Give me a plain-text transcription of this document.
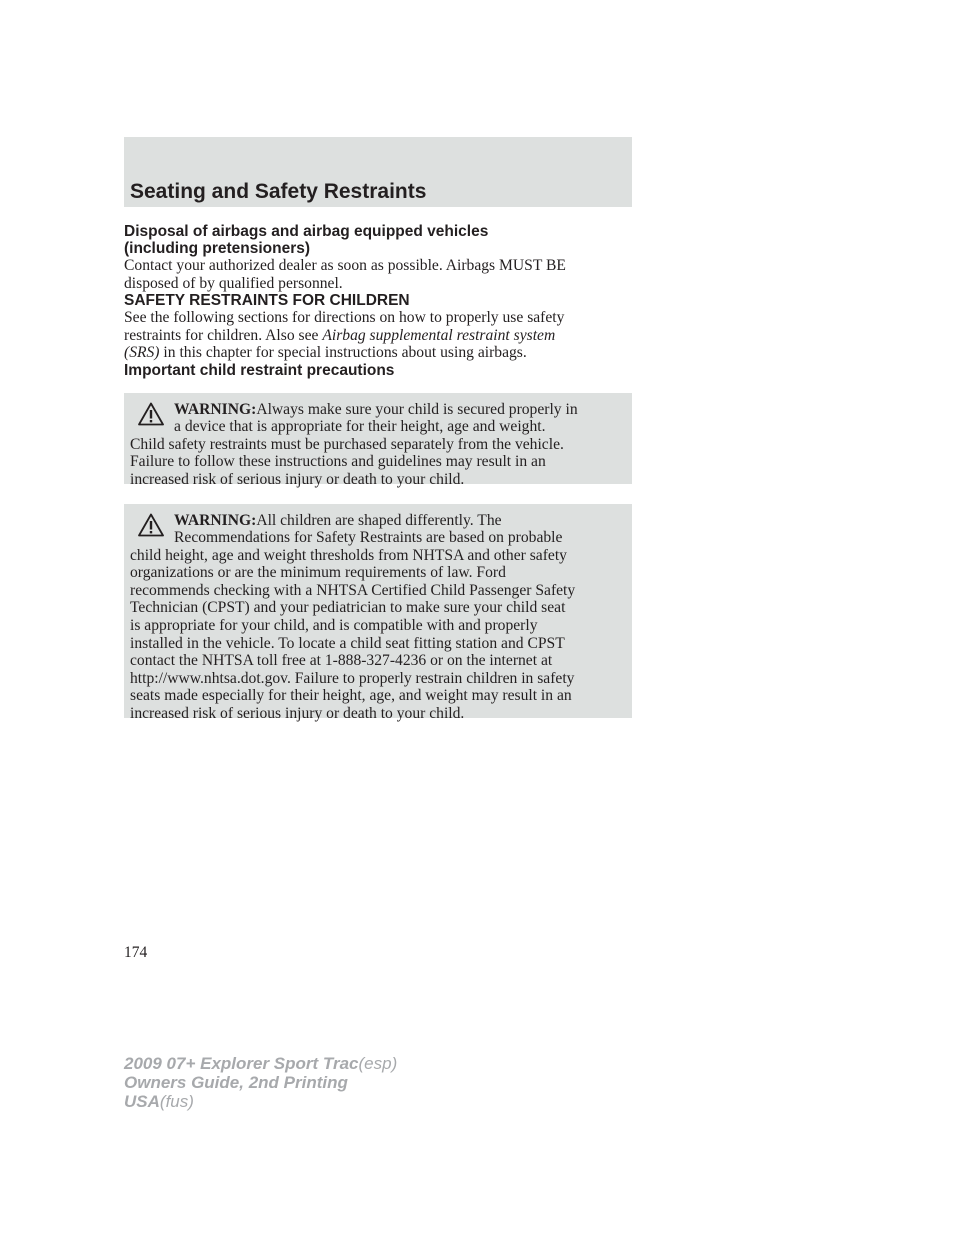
Seating and Safety Restraints
Disposal of airbags and airbag equipped vehicles
(including pretensioners)

Contact your authorized dealer as soon as possible. Airbags MUST BE
disposed of by qualified personnel.

SAFETY RESTRAINTS FOR CHILDREN

See the following sections for directions on how to properly use safety
restraints for children. Also see Airbag supplemental restraint system
(SRS) in this chapter for special instructions about using airbags.

Important child restraint precautions
WARNING:Always make sure your child is secured properly in
a device that is appropriate for their height, age and weight.
Child safety restraints must be purchased separately from the vehicle.
Failure to follow these instructions and guidelines may result in an
increased risk of serious injury or death to your child.
WARNING:All children are shaped differently. The
Recommendations for Safety Restraints are based on probable
child height, age and weight thresholds from NHTSA and other safety
organizations or are the minimum requirements of law. Ford
recommends checking with a NHTSA Certified Child Passenger Safety
Technician (CPST) and your pediatrician to make sure your child seat
is appropriate for your child, and is compatible with and properly
installed in the vehicle. To locate a child seat fitting station and CPST
contact the NHTSA toll free at 1-888-327-4236 or on the internet at
http://www.nhtsa.dot.gov. Failure to properly restrain children in safety
seats made especially for their height, age, and weight may result in an
increased risk of serious injury or death to your child.
174
2009 07+ Explorer Sport Trac(esp)
Owners Guide, 2nd Printing
USA(fus)
